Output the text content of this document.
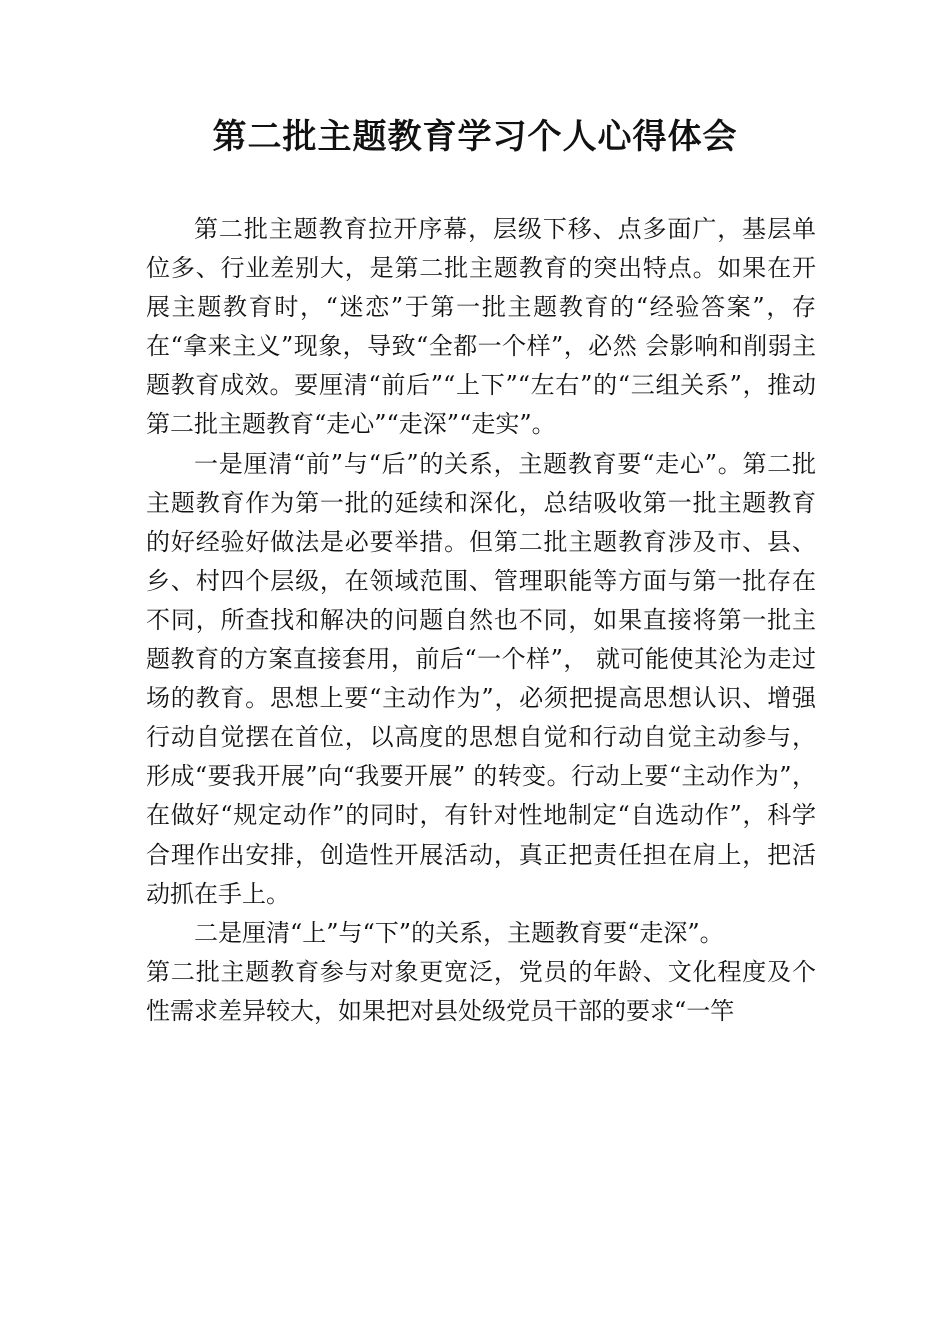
第二批主题教育学习个人心得体会

第二批主题教育拉开序幕，层级下移、点多面广，基层单位多、行业差别大，是第二批主题教育的突出特点。如果在开展主题教育时，“迷恋”于第一批主题教育的“经验答案”，存在“拿来主义”现象，导致“全都一个样”，必然 会影响和削弱主题教育成效。要厘清“前后”“上下”“左右”的“三组关系”，推动第二批主题教育“走心”“走深”“走实”。

一是厘清“前”与“后”的关系，主题教育要“走心”。第二批主题教育作为第一批的延续和深化，总结吸收第一批主题教育的好经验好做法是必要举措。但第二批主题教育涉及市、县、乡、村四个层级，在领域范围、管理职能等方面与第一批存在不同，所查找和解决的问题自然也不同，如果直接将第一批主题教育的方案直接套用，前后“一个样”， 就可能使其沦为走过场的教育。思想上要“主动作为”，必须把提高思想认识、增强行动自觉摆在首位，以高度的思想自觉和行动自觉主动参与，形成“要我开展”向“我要开展” 的转变。行动上要“主动作为”，在做好“规定动作”的同时，有针对性地制定“自选动作”，科学合理作出安排，创造性开展活动，真正把责任担在肩上，把活动抓在手上。

二是厘清“上”与“下”的关系，主题教育要“走深”。

第二批主题教育参与对象更宽泛，党员的年龄、文化程度及个性需求差异较大，如果把对县处级党员干部的要求“一竿
